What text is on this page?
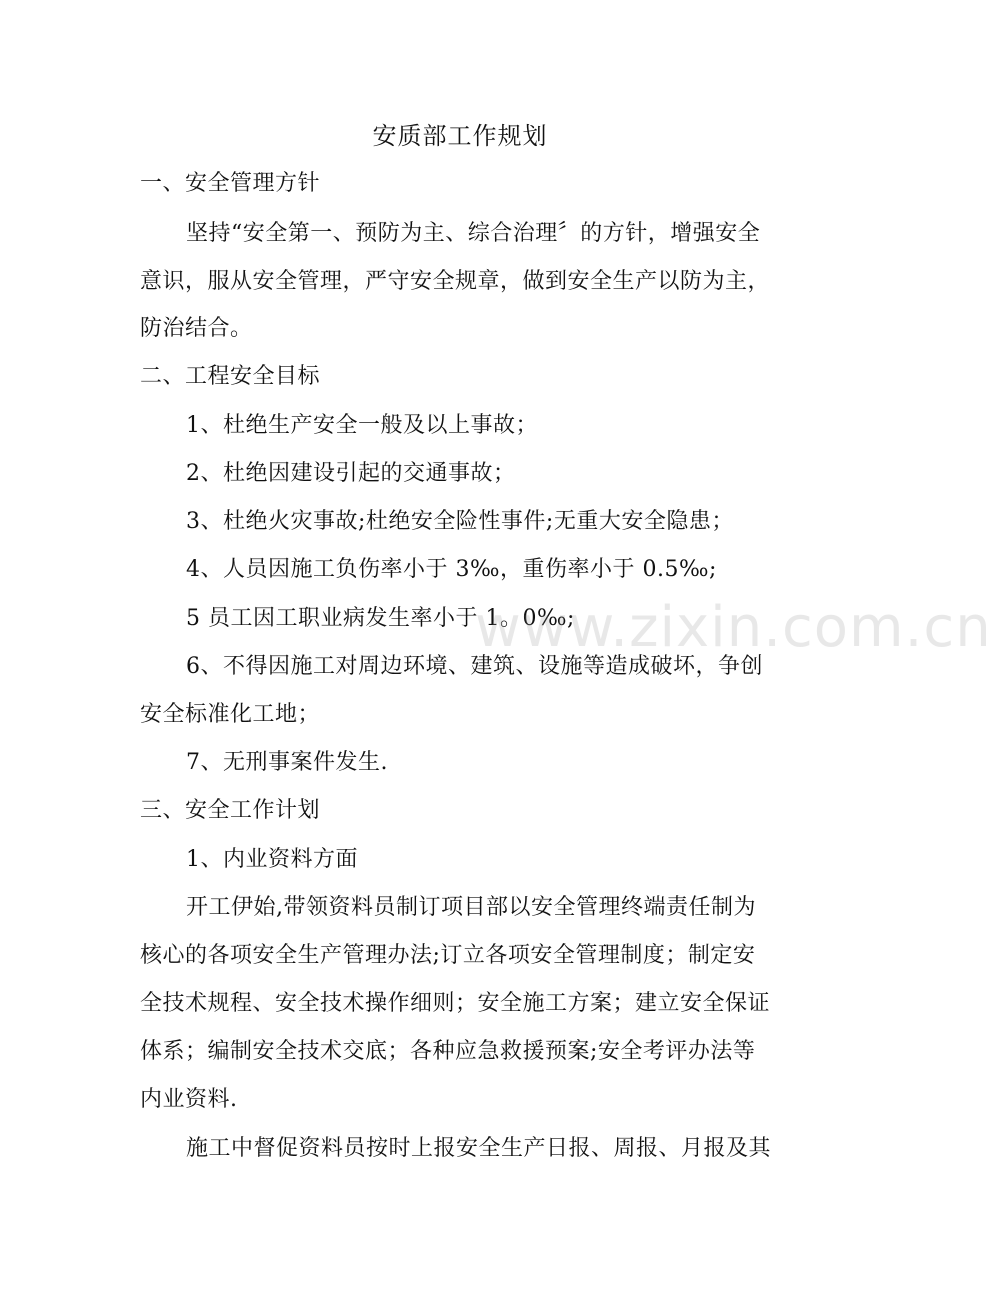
安质部工作规划
一、安全管理方针
坚持“安全第一、预防为主、综合治理〞的方针，增强安全
意识，服从安全管理，严守安全规章，做到安全生产以防为主，
防治结合。
二、工程安全目标
1、杜绝生产安全一般及以上事故；
2、杜绝因建设引起的交通事故；
3、杜绝火灾事故;杜绝安全险性事件;无重大安全隐患；
4、人员因施工负伤率小于 3‰，重伤率小于 0.5‰;
5 员工因工职业病发生率小于 1。0‰;
6、不得因施工对周边环境、建筑、设施等造成破坏，争创
安全标准化工地；
7、无刑事案件发生.
三、安全工作计划
1、内业资料方面
开工伊始,带领资料员制订项目部以安全管理终端责任制为
核心的各项安全生产管理办法;订立各项安全管理制度；制定安
全技术规程、安全技术操作细则；安全施工方案；建立安全保证
体系；编制安全技术交底；各种应急救援预案;安全考评办法等
内业资料.
施工中督促资料员按时上报安全生产日报、周报、月报及其
www.zixin.com.cn
